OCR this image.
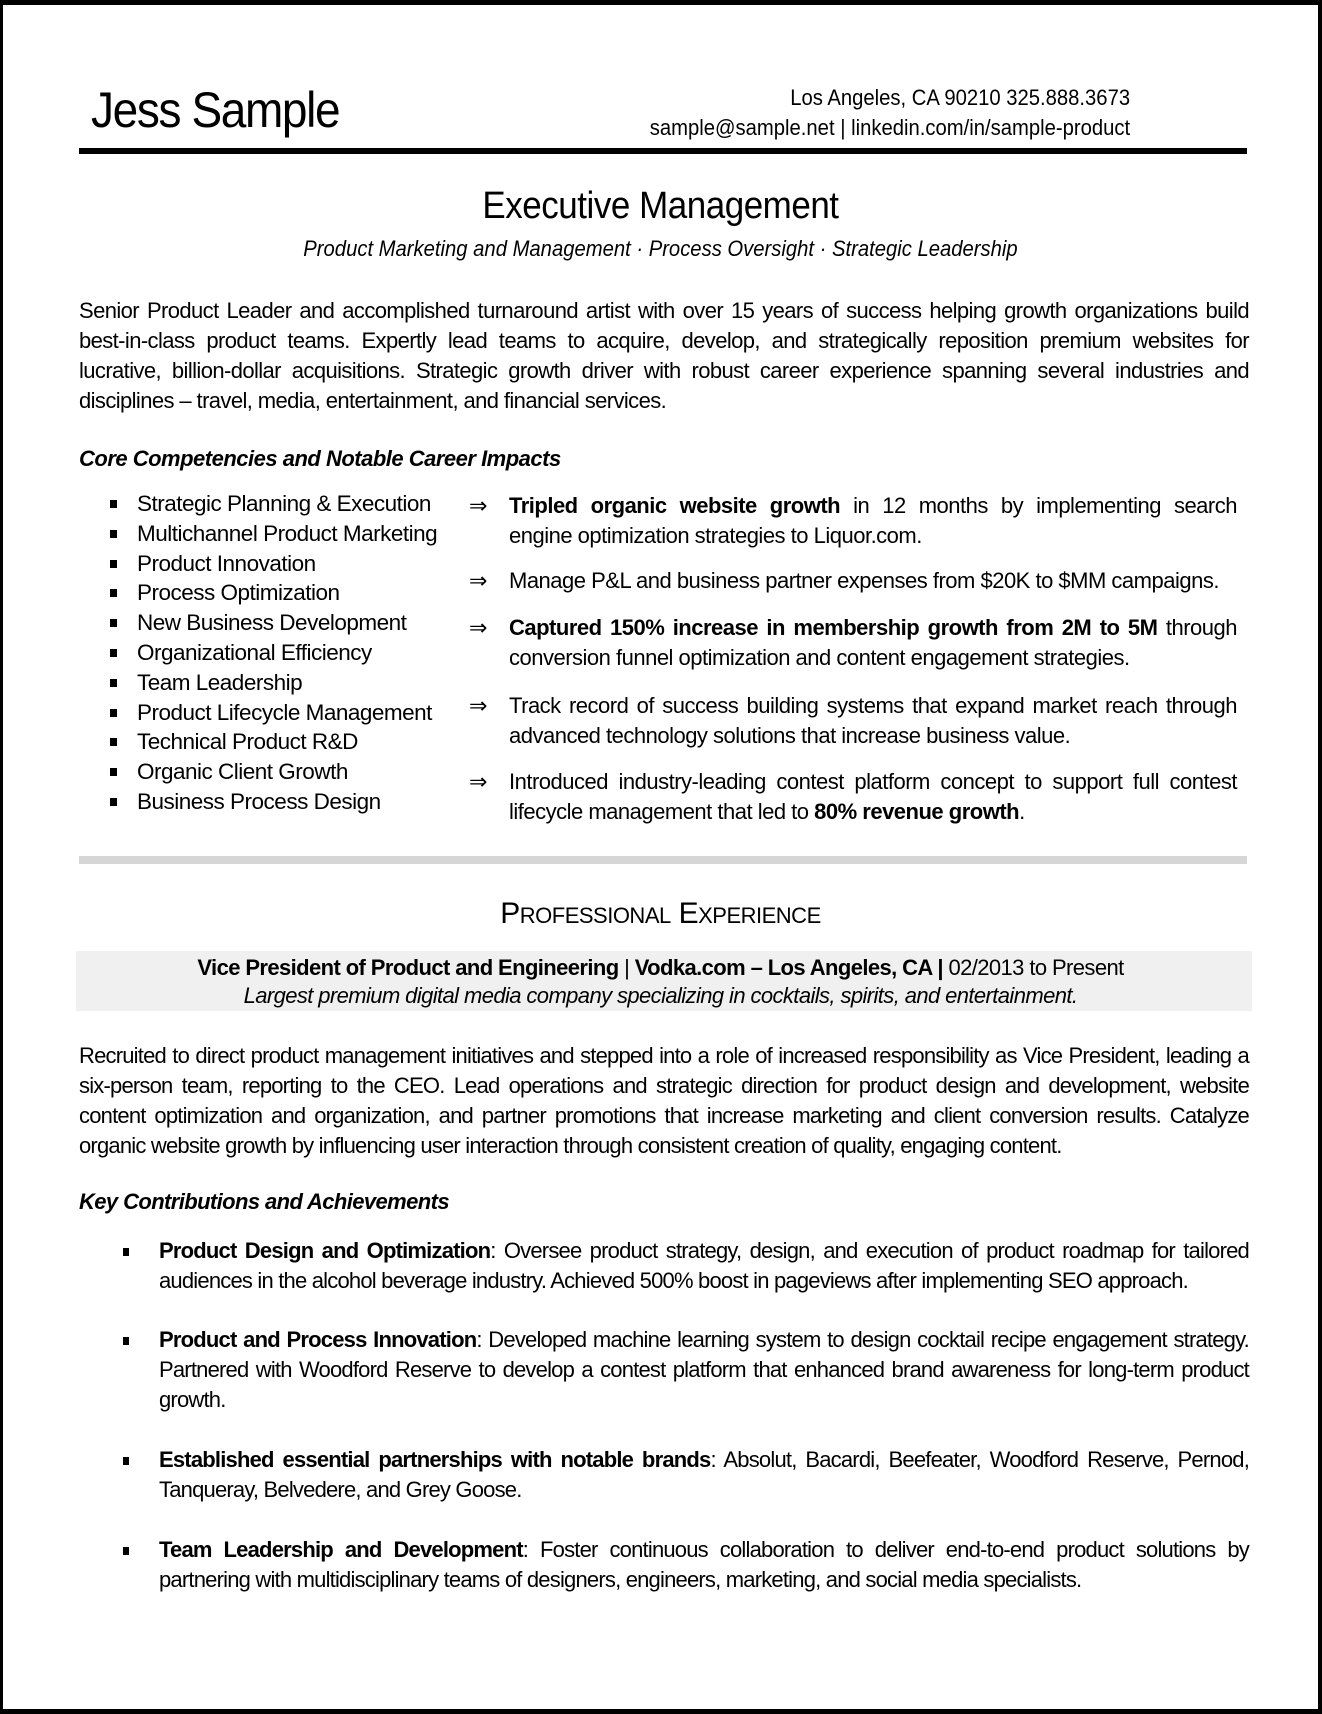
Jess Sample	Los Angeles, CA 90210 325.888.3673
sample@sample.net | linkedin.com/in/sample-product
Executive Management
Product Marketing and Management · Process Oversight · Strategic Leadership
Senior Product Leader and accomplished turnaround artist with over 15 years of success helping growth organizations build best-in-class product teams. Expertly lead teams to acquire, develop, and strategically reposition premium websites for lucrative, billion-dollar acquisitions. Strategic growth driver with robust career experience spanning several industries and disciplines – travel, media, entertainment, and financial services.
Core Competencies and Notable Career Impacts
Strategic Planning & Execution
Multichannel Product Marketing
Product Innovation
Process Optimization
New Business Development
Organizational Efficiency
Team Leadership
Product Lifecycle Management
Technical Product R&D
Organic Client Growth
Business Process Design
⇒ Tripled organic website growth in 12 months by implementing search engine optimization strategies to Liquor.com.
⇒ Manage P&L and business partner expenses from $20K to $MM campaigns.
⇒ Captured 150% increase in membership growth from 2M to 5M through conversion funnel optimization and content engagement strategies.
⇒ Track record of success building systems that expand market reach through advanced technology solutions that increase business value.
⇒ Introduced industry-leading contest platform concept to support full contest lifecycle management that led to 80% revenue growth.
PROFESSIONAL EXPERIENCE
Vice President of Product and Engineering | Vodka.com – Los Angeles, CA | 02/2013 to Present
Largest premium digital media company specializing in cocktails, spirits, and entertainment.
Recruited to direct product management initiatives and stepped into a role of increased responsibility as Vice President, leading a six-person team, reporting to the CEO. Lead operations and strategic direction for product design and development, website content optimization and organization, and partner promotions that increase marketing and client conversion results. Catalyze organic website growth by influencing user interaction through consistent creation of quality, engaging content.
Key Contributions and Achievements
Product Design and Optimization: Oversee product strategy, design, and execution of product roadmap for tailored audiences in the alcohol beverage industry. Achieved 500% boost in pageviews after implementing SEO approach.
Product and Process Innovation: Developed machine learning system to design cocktail recipe engagement strategy. Partnered with Woodford Reserve to develop a contest platform that enhanced brand awareness for long-term product growth.
Established essential partnerships with notable brands: Absolut, Bacardi, Beefeater, Woodford Reserve, Pernod, Tanqueray, Belvedere, and Grey Goose.
Team Leadership and Development: Foster continuous collaboration to deliver end-to-end product solutions by partnering with multidisciplinary teams of designers, engineers, marketing, and social media specialists.
